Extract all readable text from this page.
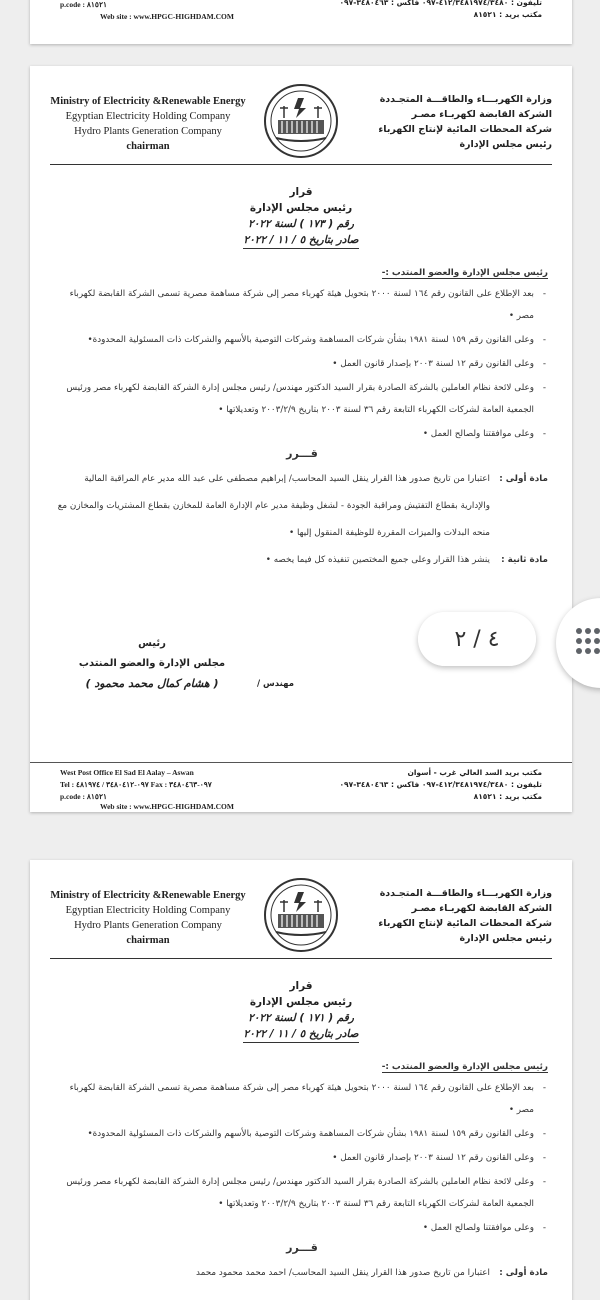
p.code : ٨١٥٢١
Web site : www.HPGC-HIGHDAM.COM
تليفون : ٤١٢/٣٤٨١٩٧٤/٣٤٨٠-٠٩٧ فاكس : ٣٤٨٠٤٦٣-٠٩٧
مكتب بريد : ٨١٥٢١
Ministry of Electricity &Renewable Energy
Egyptian Electricity Holding Company
Hydro Plants Generation Company
chairman
وزارة الكهربـــاء والطاقـــة المتجـددة
الشركة القابضة لكهربـاء مصـر
شركة المحطات المائية لإنتاج الكهرباء
رئيس مجلس الإدارة
قرار
رئيس مجلس الإدارة
رقم ( ١٧٣ ) لسنة ٢٠٢٢
صادر بتاريخ ٥ / ١١ / ٢٠٢٢
رئيس مجلس الإدارة والعضو المنتدب :-
- بعد الإطلاع على القانون رقم ١٦٤ لسنة ٢٠٠٠ بتحويل هيئة كهرباء مصر إلى شركة مساهمة مصرية تسمى الشركة القابضة لكهرباء مصر •
- وعلى القانون رقم ١٥٩ لسنة ١٩٨١ بشأن شركات المساهمة وشركات التوصية بالأسهم والشركات ذات المسئولية المحدودة•
- وعلى القانون رقم ١٢ لسنة ٢٠٠٣ بإصدار قانون العمل •
- وعلى لائحة نظام العاملين بالشركة الصادرة بقرار السيد الدكتور مهندس/ رئيس مجلس إدارة الشركة القابضة لكهرباء مصر ورئيس الجمعية العامة لشركات الكهرباء التابعة رقم ٣٦ لسنة ٢٠٠٣ بتاريخ ٢٠٠٣/٢/٩ وتعديلاتها •
- وعلى موافقتنا ولصالح العمل •
قـــرر
مادة أولى :
اعتبارا من تاريخ صدور هذا القرار ينقل السيد المحاسب/ إبراهيم مصطفى على عبد الله مدير عام المراقبة المالية والإدارية بقطاع التفتيش ومراقبة الجودة - لشغل وظيفة مدير عام الإدارة العامة للمخازن بقطاع المشتريات والمخازن مع منحه البدلات والميزات المقررة للوظيفة المنقول إليها •
مادة ثانية :
ينشر هذا القرار وعلى جميع المختصين تنفيذه كل فيما يخصه •
رئيس
مجلس الإدارة والعضو المنتدب
مهندس /
( هشام كمال محمد محمود )
West Post Office El Sad El Aalay – Aswan
Tel : ٠٩٧-٣٤٨٠٤١٢ / ٤٨١٩٧٤ Fax : ٠٩٧-٣٤٨٠٤٦٣
p.code : ٨١٥٢١
Web site : www.HPGC-HIGHDAM.COM
مكتب بريد السد العالي غرب - أسوان
تليفون : ٤١٢/٣٤٨١٩٧٤/٣٤٨٠-٠٩٧ فاكس : ٣٤٨٠٤٦٣-٠٩٧
مكتب بريد : ٨١٥٢١
Ministry of Electricity &Renewable Energy
Egyptian Electricity Holding Company
Hydro Plants Generation Company
chairman
وزارة الكهربـــاء والطاقـــة المتجـددة
الشركة القابضة لكهربـاء مصـر
شركة المحطات المائية لإنتاج الكهرباء
رئيس مجلس الإدارة
قرار
رئيس مجلس الإدارة
رقم ( ١٧١ ) لسنة ٢٠٢٢
صادر بتاريخ ٥ / ١١ / ٢٠٢٢
رئيس مجلس الإدارة والعضو المنتدب :-
- بعد الإطلاع على القانون رقم ١٦٤ لسنة ٢٠٠٠ بتحويل هيئة كهرباء مصر إلى شركة مساهمة مصرية تسمى الشركة القابضة لكهرباء مصر •
- وعلى القانون رقم ١٥٩ لسنة ١٩٨١ بشأن شركات المساهمة وشركات التوصية بالأسهم والشركات ذات المسئولية المحدودة•
- وعلى القانون رقم ١٢ لسنة ٢٠٠٣ بإصدار قانون العمل •
- وعلى لائحة نظام العاملين بالشركة الصادرة بقرار السيد الدكتور مهندس/ رئيس مجلس إدارة الشركة القابضة لكهرباء مصر ورئيس الجمعية العامة لشركات الكهرباء التابعة رقم ٣٦ لسنة ٢٠٠٣ بتاريخ ٢٠٠٣/٢/٩ وتعديلاتها •
- وعلى موافقتنا ولصالح العمل •
قـــرر
مادة أولى :
اعتبارا من تاريخ صدور هذا القرار ينقل السيد المحاسب/ احمد محمد محمود محمد
٤ / ٢
